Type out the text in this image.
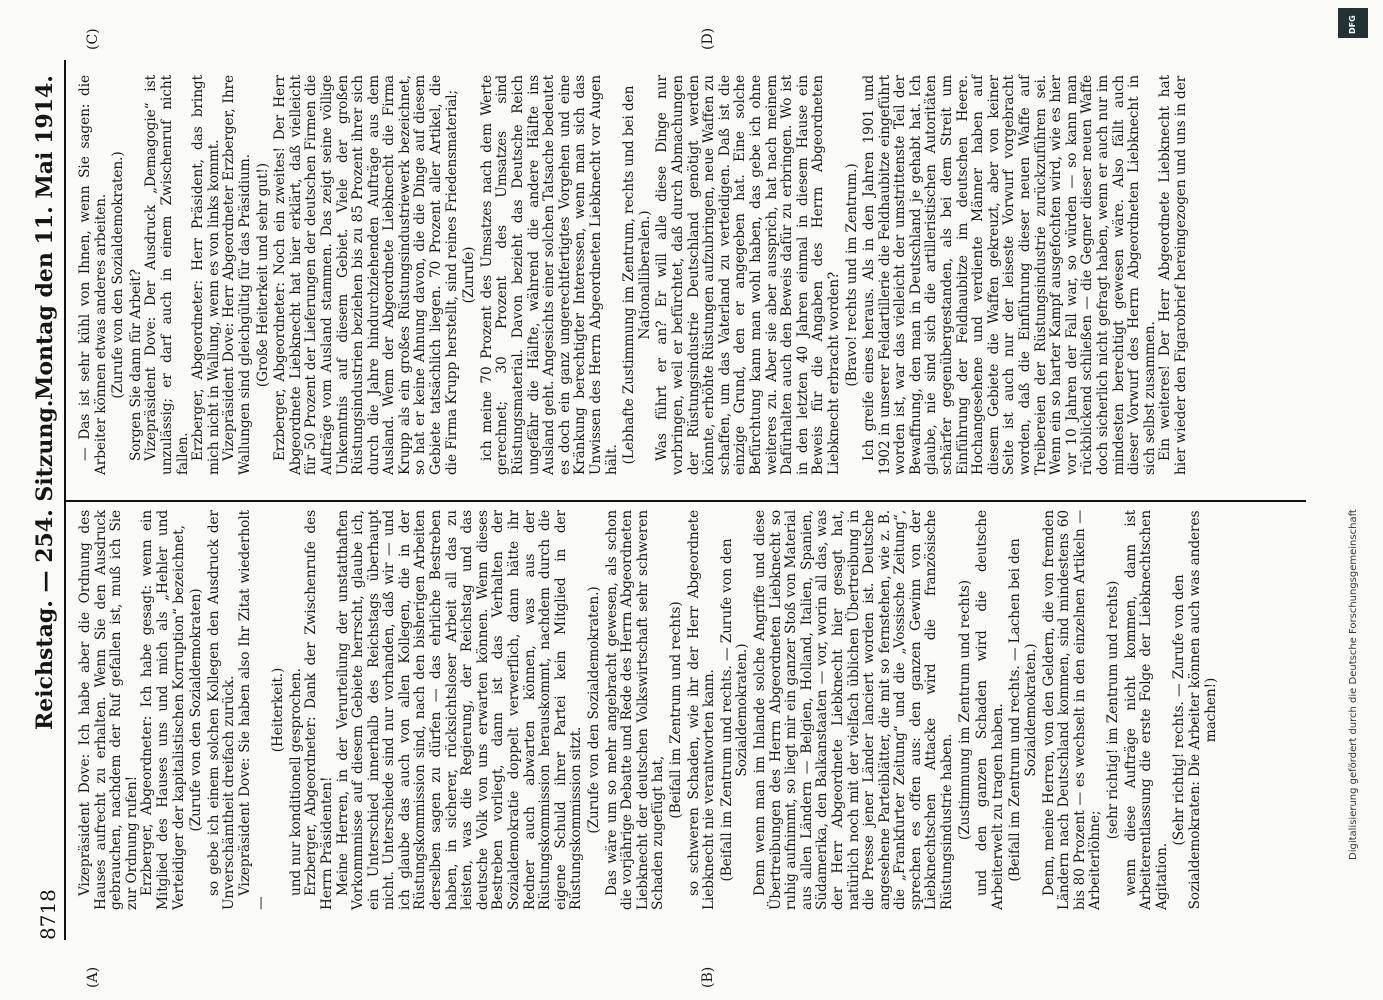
8718
Reichstag. — 254. Sitzung.
Montag den 11. Mai 1914.
(A)	(B)
(C)	(D)

Vizepräsident Dove: Ich habe aber die Ordnung des Hauses aufrecht zu erhalten. Wenn Sie den Ausdruck gebrauchen, nachdem der Ruf gefallen ist, muß ich Sie zur Ordnung rufen! Erzberger, Abgeordneter: Ich habe gesagt: wenn ein Mitglied des Hauses uns und mich als „Hehler und Verteidiger der kapitalistischen Korruption“ bezeichnet, (Zurufe von den Sozialdemokraten) so gebe ich einem solchen Kollegen den Ausdruck der Unverschämtheit dreifach zurück. Vizepräsident Dove: Sie haben also Ihr Zitat wiederholt —

(Heiterkeit.) und nur konditionell gesprochen. Erzberger, Abgeordneter: Dank der Zwischenrufe des Herrn Präsidenten! Meine Herren, in der Verurteilung der unstatthaften Vorkommnisse auf diesem Gebiete herrscht, glaube ich, ein Unterschied innerhalb des Reichstags überhaupt nicht. Unterschiede sind nur vorhanden, daß wir — und ich glaube das auch von allen Kollegen, die in der Rüstungskommission sind, nach den bisherigen Arbeiten derselben sagen zu dürfen — das ehrliche Bestreben haben, in sicherer, rücksichtsloser Arbeit all das zu leisten, was die Regierung, der Reichstag und das deutsche Volk von uns erwarten können. Wenn dieses Bestreben vorliegt, dann ist das Verhalten der Sozialdemokratie doppelt verwerflich, dann hätte ihr Redner auch abwarten können, was aus der Rüstungskommission herauskommt, nachdem durch die eigene Schuld ihrer Partei kein Mitglied in der Rüstungskommission sitzt. (Zurufe von den Sozialdemokraten.) Das wäre um so mehr angebracht gewesen, als schon die vorjährige Debatte und Rede des Herrn Abgeordneten Liebknecht der deutschen Volkswirtschaft sehr schweren Schaden zugefügt hat,

(Beifall im Zentrum und rechts) so schweren Schaden, wie ihr der Herr Abgeordnete Liebknecht nie verantworten kann. (Beifall im Zentrum und rechts. — Zurufe von den Sozialdemokraten.) Denn wenn man im Inlande solche Angriffe und diese Übertreibungen des Herrn Abgeordneten Liebknecht so ruhig aufnimmt, so liegt mir ein ganzer Stoß von Material aus allen Ländern — Belgien, Holland, Italien, Spanien, Südamerika, den Balkanstaaten — vor, worin all das, was der Herr Abgeordnete Liebknecht hier gesagt hat, natürlich noch mit der vielfach üblichen Übertreibung in die Presse jener Länder lanciert worden ist. Deutsche angesehene Parteiblätter, die mit so fernstehen, wie z. B. die „Frankfurter Zeitung“ und die „Vossische Zeitung“, sprechen es offen aus: den ganzen Gewinn von der Liebknechtschen Attacke wird die französische Rüstungsindustrie haben. (Zustimmung im Zentrum und rechts) und den ganzen Schaden wird die deutsche Arbeiterwelt zu tragen haben. (Beifall im Zentrum und rechts. — Lachen bei den Sozialdemokraten.) Denn, meine Herren, von den Geldern, die von fremden Ländern nach Deutschland kommen, sind mindestens 60 bis 80 Prozent — es wechselt in den einzelnen Artikeln — Arbeiterlöhne;

(sehr richtig! im Zentrum und rechts) wenn diese Aufträge nicht kommen, dann ist Arbeiterentlassung die erste Folge der Liebknechtschen Agitation.

(Sehr richtig! rechts. — Zurufe von den Sozialdemokraten: Die Arbeiter können auch was anderes machen!)

— Das ist sehr kühl von Ihnen, wenn Sie sagen: die Arbeiter können etwas anderes arbeiten. (Zurufe von den Sozialdemokraten.) Sorgen Sie dann für Arbeit? Vizepräsident Dove: Der Ausdruck „Demagogie“ ist unzulässig; er darf auch in einem Zwischenruf nicht fallen. Erzberger, Abgeordneter: Herr Präsident, das bringt mich nicht in Wallung, wenn es von links kommt. Vizepräsident Dove: Herr Abgeordneter Erzberger, Ihre Wallungen sind gleichgültig für das Präsidium. (Große Heiterkeit und sehr gut!) Erzberger, Abgeordneter: Noch ein zweites! Der Herr Abgeordnete Liebknecht hat hier erklärt, daß vielleicht für 50 Prozent der Lieferungen der deutschen Firmen die Aufträge vom Ausland stammen. Das zeigt seine völlige Unkenntnis auf diesem Gebiet. Viele der großen Rüstungsindustrien beziehen bis zu 85 Prozent ihrer sich durch die Jahre hindurchziehenden Aufträge aus dem Ausland. Wenn der Abgeordnete Liebknecht die Firma Krupp als ein großes Rüstungsindustriewerk bezeichnet, so hat er keine Ahnung davon, die die Dinge auf diesem Gebiete tatsächlich liegen. 70 Prozent aller Artikel, die die Firma Krupp herstellt, sind reines Friedensmaterial; (Zurufe) ich meine 70 Prozent des Umsatzes nach dem Werte gerechnet; 30 Prozent des Umsatzes sind Rüstungsmaterial. Davon bezieht das Deutsche Reich ungefähr die Hälfte, während die andere Hälfte ins Ausland geht. Angesichts einer solchen Tatsache bedeutet es doch ein ganz ungerechtfertigtes Vorgehen und eine Kränkung berechtigter Interessen, wenn man sich das Unwissen des Herrn Abgeordneten Liebknecht vor Augen hält. (Lebhafte Zustimmung im Zentrum, rechts und bei den Nationalliberalen.) Was führt er an? Er will alle diese Dinge nur vorbringen, weil er befürchtet, daß durch Abmachungen der Rüstungsindustrie Deutschland genötigt werden könnte, erhöhte Rüstungen aufzubringen, neue Waffen zu schaffen, um das Vaterland zu verteidigen. Daß ist die einzige Grund, den er angegeben hat. Eine solche Befürchtung kann man wohl haben, das gebe ich ohne weiteres zu. Aber sie aber aussprich, hat nach meinem Dafürhalten auch den Beweis dafür zu erbringen. Wo ist in den letzten 40 Jahren einmal in diesem Hause ein Beweis für die Angaben des Herrn Abgeordneten Liebknecht erbracht worden? (Bravo! rechts und im Zentrum.) Ich greife eines heraus. Als in den Jahren 1901 und 1902 in unserer Feldartillerie die Feldhaubitze eingeführt worden ist, war das vielleicht der umstrittenste Teil der Bewaffnung, den man in Deutschland je gehabt hat. Ich glaube, nie sind sich die artilleristischen Autoritäten schärfer gegenübergestanden, als bei dem Streit um Einführung der Feldhaubitze im deutschen Heere. Hochangesehene und verdiente Männer haben auf diesem Gebiete die Waffen gekreuzt, aber von keiner Seite ist auch nur der leiseste Vorwurf vorgebracht worden, daß die Einführung dieser neuen Waffe auf Treibereien der Rüstungsindustrie zurückzuführen sei. Wenn ein so harter Kampf ausgefochten wird, wie es hier vor 10 Jahren der Fall war, so würden — so kann man rückblickend schließen — die Gegner dieser neuen Waffe doch sicherlich nicht gefragt haben, wenn er auch nur im mindesten berechtigt gewesen wäre. Also fällt auch dieser Vorwurf des Herrn Abgeordneten Liebknecht in sich selbst zusammen. Ein weiteres! Der Herr Abgeordnete Liebknecht hat hier wieder den Figarobrief hereingezogen und uns in der

DFG
Digitalisierung gefördert durch die Deutsche Forschungsgemeinschaft
